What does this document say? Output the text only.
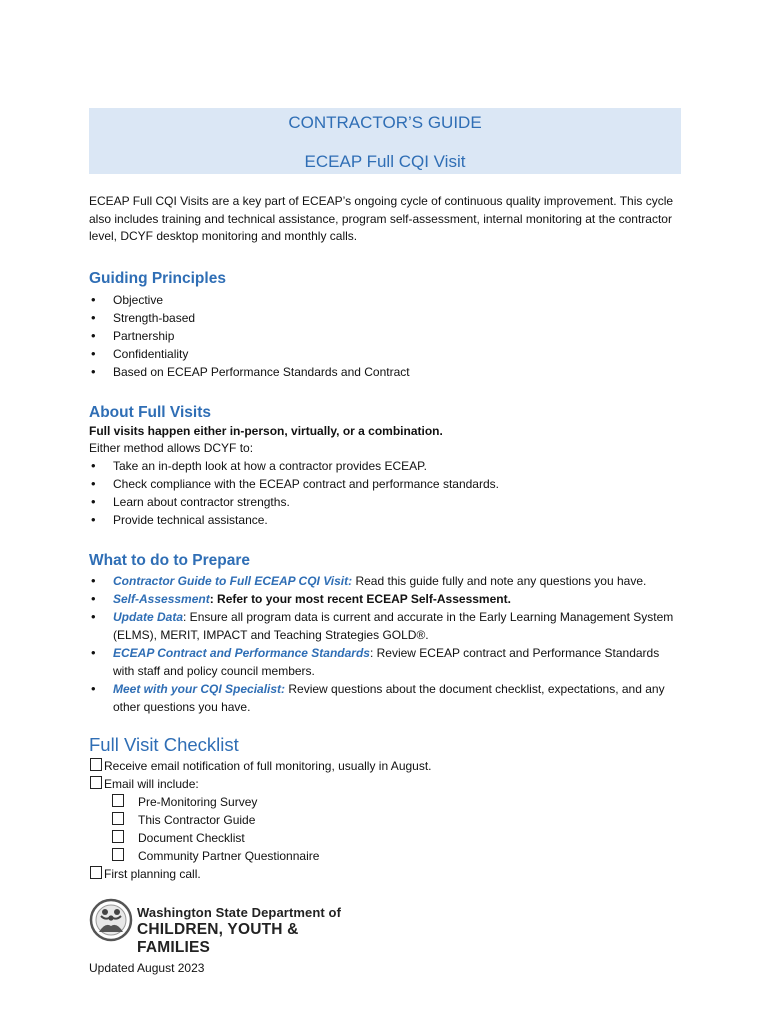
CONTRACTOR’S GUIDE
ECEAP Full CQI Visit
ECEAP Full CQI Visits are a key part of ECEAP’s ongoing cycle of continuous quality improvement. This cycle also includes training and technical assistance, program self-assessment, internal monitoring at the contractor level, DCYF desktop monitoring and monthly calls.
Guiding Principles
• Objective
• Strength-based
• Partnership
• Confidentiality
• Based on ECEAP Performance Standards and Contract
About Full Visits
Full visits happen either in-person, virtually, or a combination.
Either method allows DCYF to:
• Take an in-depth look at how a contractor provides ECEAP.
• Check compliance with the ECEAP contract and performance standards.
• Learn about contractor strengths.
• Provide technical assistance.
What to do to Prepare
• Contractor Guide to Full ECEAP CQI Visit: Read this guide fully and note any questions you have.
• Self-Assessment: Refer to your most recent ECEAP Self-Assessment.
• Update Data: Ensure all program data is current and accurate in the Early Learning Management System (ELMS), MERIT, IMPACT and Teaching Strategies GOLD®.
• ECEAP Contract and Performance Standards: Review ECEAP contract and Performance Standards with staff and policy council members.
• Meet with your CQI Specialist: Review questions about the document checklist, expectations, and any other questions you have.
Full Visit Checklist
Receive email notification of full monitoring, usually in August.
Email will include:
Pre-Monitoring Survey
This Contractor Guide
Document Checklist
Community Partner Questionnaire
First planning call.
Washington State Department of
CHILDREN, YOUTH & FAMILIES
Updated August 2023
